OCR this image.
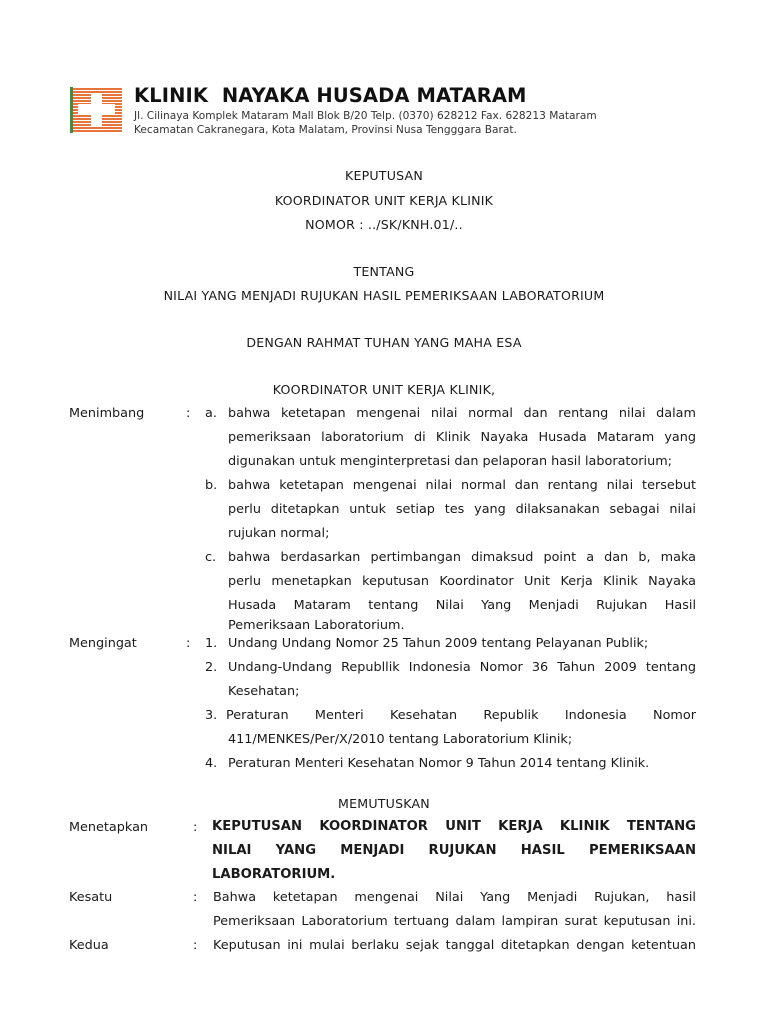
KLINIK  NAYAKA HUSADA MATARAM
Jl. Cilinaya Komplek Mataram Mall Blok B/20 Telp. (0370) 628212 Fax. 628213 Mataram
Kecamatan Cakranegara, Kota Malatam, Provinsi Nusa Tengggara Barat.
KEPUTUSAN
KOORDINATOR UNIT KERJA KLINIK
NOMOR : ../SK/KNH.01/..
TENTANG
NILAI YANG MENJADI RUJUKAN HASIL PEMERIKSAAN LABORATORIUM
DENGAN RAHMAT TUHAN YANG MAHA ESA
KOORDINATOR UNIT KERJA KLINIK,
Menimbang	: a. bahwa ketetapan mengenai nilai normal dan rentang nilai dalam
pemeriksaan laboratorium di Klinik Nayaka Husada Mataram yang
digunakan untuk menginterpretasi dan pelaporan hasil laboratorium;
b. bahwa ketetapan mengenai nilai normal dan rentang nilai tersebut
perlu ditetapkan untuk setiap tes yang dilaksanakan sebagai nilai
rujukan normal;
c. bahwa berdasarkan pertimbangan dimaksud point a dan b, maka
perlu menetapkan keputusan Koordinator Unit Kerja Klinik Nayaka
Husada Mataram tentang Nilai Yang Menjadi Rujukan Hasil
Pemeriksaan Laboratorium.
Mengingat	: 1. Undang Undang Nomor 25 Tahun 2009 tentang Pelayanan Publik;
2. Undang-Undang Republlik Indonesia Nomor 36 Tahun 2009 tentang
Kesehatan;
3. Peraturan Menteri Kesehatan Republik Indonesia Nomor
411/MENKES/Per/X/2010 tentang Laboratorium Klinik;
4. Peraturan Menteri Kesehatan Nomor 9 Tahun 2014 tentang Klinik.
MEMUTUSKAN
Menetapkan	: KEPUTUSAN KOORDINATOR UNIT KERJA KLINIK TENTANG
NILAI YANG MENJADI RUJUKAN HASIL PEMERIKSAAN
LABORATORIUM.
Kesatu	: Bahwa ketetapan mengenai Nilai Yang Menjadi Rujukan, hasil
Pemeriksaan Laboratorium tertuang dalam lampiran surat keputusan ini.
Kedua	: Keputusan ini mulai berlaku sejak tanggal ditetapkan dengan ketentuan
